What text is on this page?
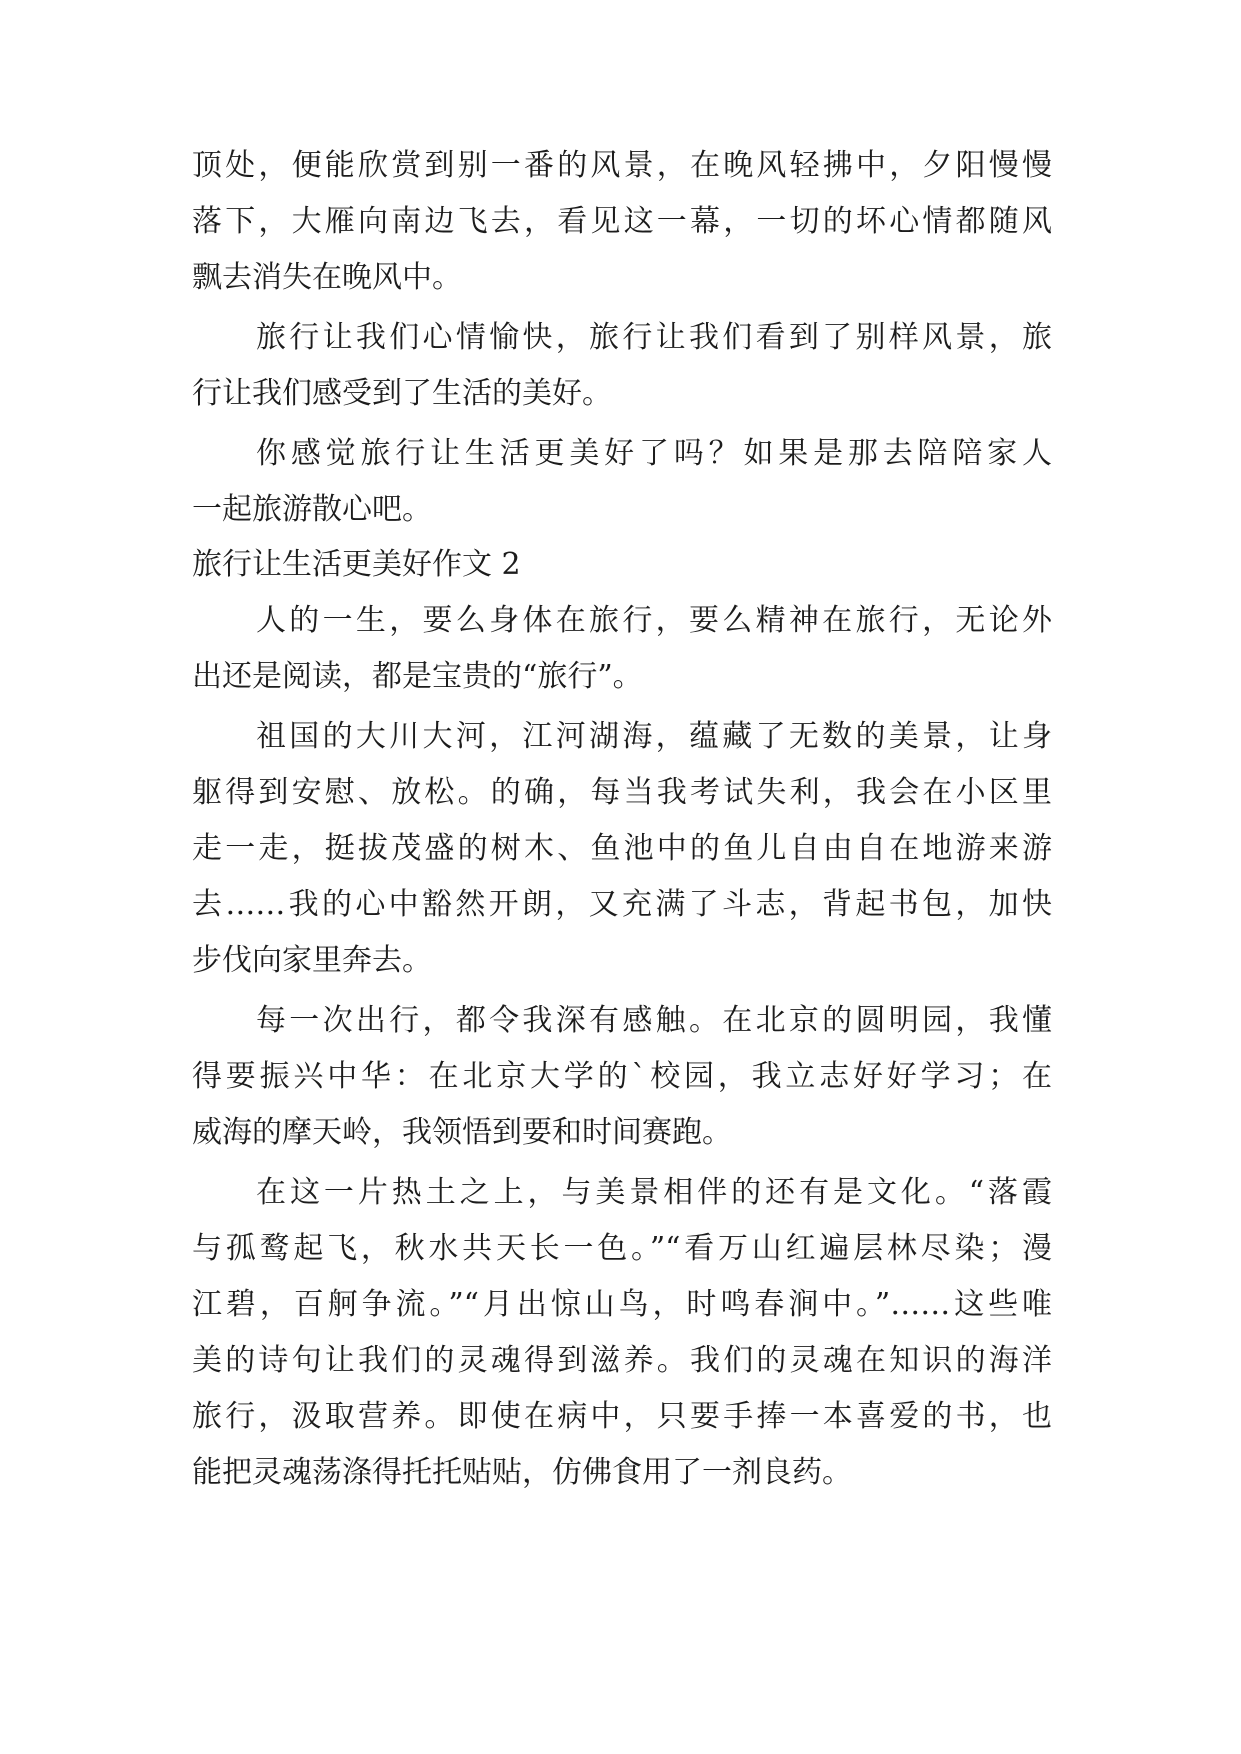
顶处，便能欣赏到别一番的风景，在晚风轻拂中，夕阳慢慢
落下，大雁向南边飞去，看见这一幕，一切的坏心情都随风
飘去消失在晚风中。
旅行让我们心情愉快，旅行让我们看到了别样风景，旅
行让我们感受到了生活的美好。
你感觉旅行让生活更美好了吗？如果是那去陪陪家人
一起旅游散心吧。
旅行让生活更美好作文 2
人的一生，要么身体在旅行，要么精神在旅行，无论外
出还是阅读，都是宝贵的“旅行”。
祖国的大川大河，江河湖海，蕴藏了无数的美景，让身
躯得到安慰、放松。的确，每当我考试失利，我会在小区里
走一走，挺拔茂盛的树木、鱼池中的鱼儿自由自在地游来游
去……我的心中豁然开朗，又充满了斗志，背起书包，加快
步伐向家里奔去。
每一次出行，都令我深有感触。在北京的圆明园，我懂
得要振兴中华：在北京大学的`校园，我立志好好学习；在
威海的摩天岭，我领悟到要和时间赛跑。
在这一片热土之上，与美景相伴的还有是文化。“落霞
与孤鹜起飞，秋水共天长一色。”“看万山红遍层林尽染；漫
江碧，百舸争流。”“月出惊山鸟，时鸣春涧中。”……这些唯
美的诗句让我们的灵魂得到滋养。我们的灵魂在知识的海洋
旅行，汲取营养。即使在病中，只要手捧一本喜爱的书，也
能把灵魂荡涤得托托贴贴，仿佛食用了一剂良药。
